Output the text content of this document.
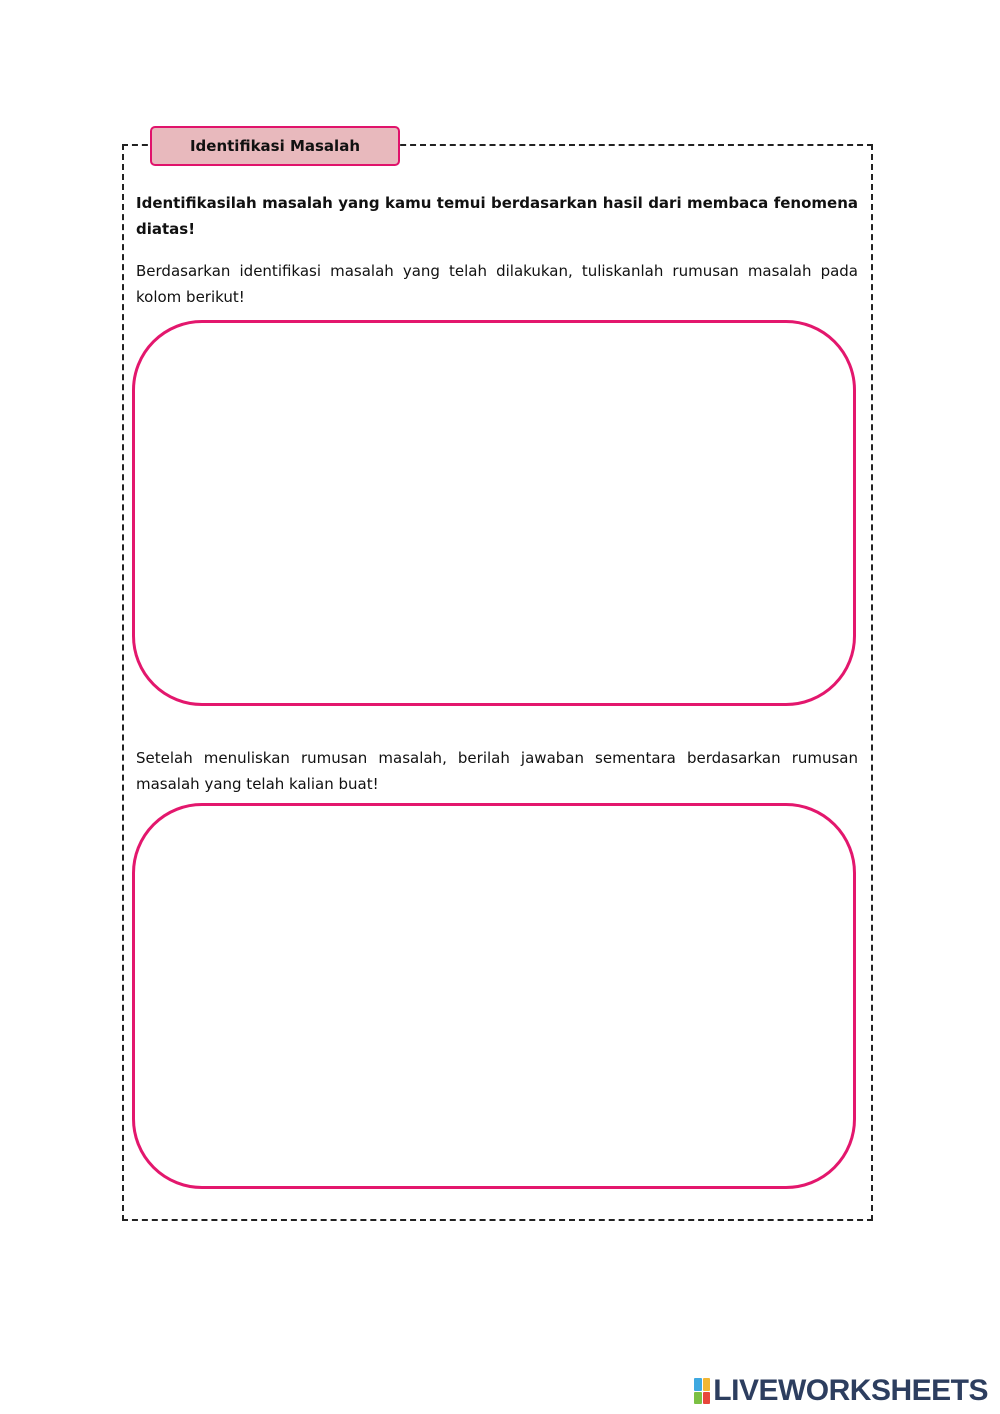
Identifikasi Masalah

Identifikasilah masalah yang kamu temui berdasarkan hasil dari membaca fenomena diatas!

Berdasarkan identifikasi masalah yang telah dilakukan, tuliskanlah rumusan masalah pada kolom berikut!

Setelah menuliskan rumusan masalah, berilah jawaban sementara berdasarkan rumusan masalah yang telah kalian buat!

LIVEWORKSHEETS
